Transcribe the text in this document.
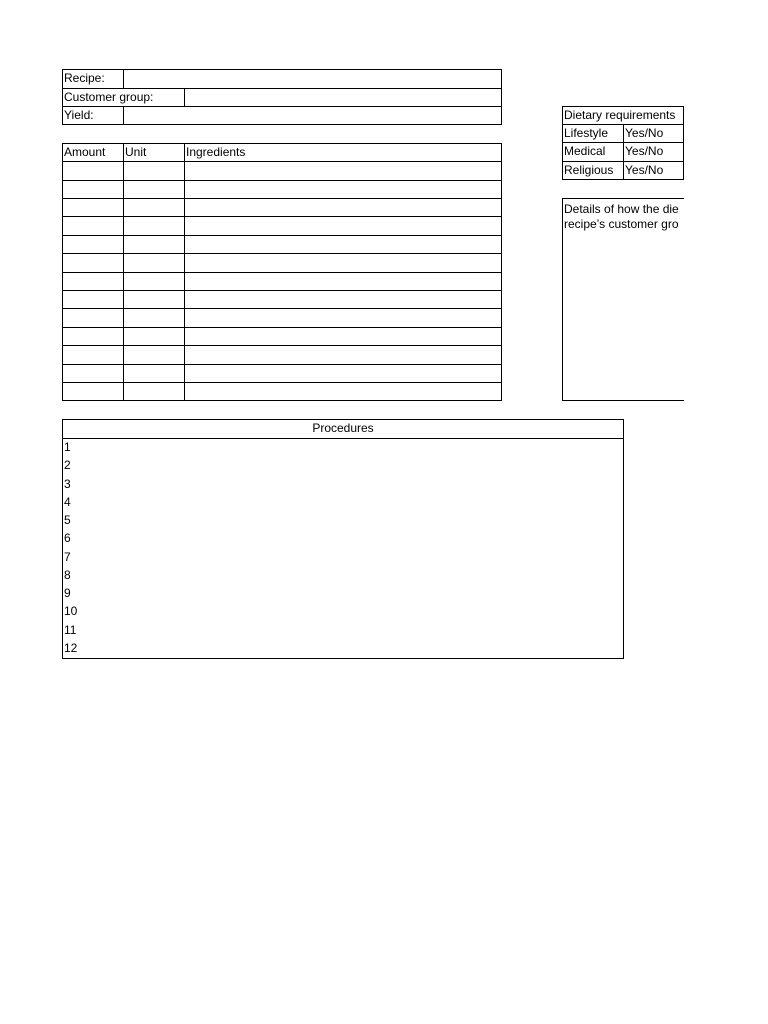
Recipe:
Customer group:
Yield:
Amount Unit	Ingredients
Dietary requirements
Lifestyle Yes/No
Medical Yes/No
Religious Yes/No
Details of how the die
recipe’s customer gro
Procedures
1
2
3
4
5
6
7
8
9
10
11
12
